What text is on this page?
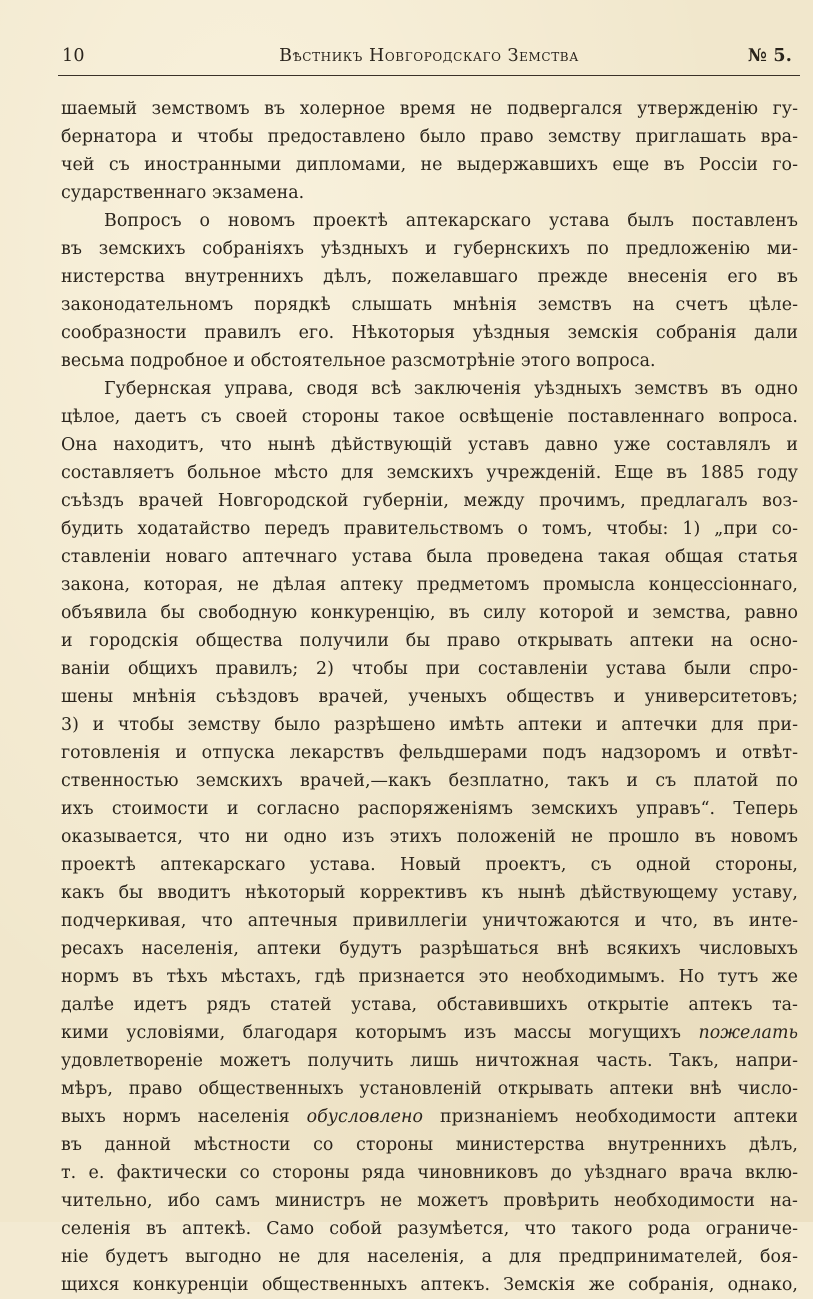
10	Вѣстникъ Новгородскаго Земства	№ 5.
шаемый земствомъ въ холерное время не подвергался утвержденію гу-
бернатора и чтобы предоставлено было право земству приглашать вра-
чей съ иностранными дипломами, не выдержавшихъ еще въ Россіи го-
сударственнаго экзамена.
Вопросъ о новомъ проектѣ аптекарскаго устава былъ поставленъ
въ земскихъ собраніяхъ уѣздныхъ и губернскихъ по предложенію ми-
нистерства внутреннихъ дѣлъ, пожелавшаго прежде внесенія его въ
законодательномъ порядкѣ слышать мнѣнія земствъ на счетъ цѣле-
сообразности правилъ его. Нѣкоторыя уѣздныя земскія собранія дали
весьма подробное и обстоятельное разсмотрѣніе этого вопроса.
Губернская управа, сводя всѣ заключенія уѣздныхъ земствъ въ одно
цѣлое, даетъ съ своей стороны такое освѣщеніе поставленнаго вопроса.
Она находитъ, что нынѣ дѣйствующій уставъ давно уже составлялъ и
составляетъ больное мѣсто для земскихъ учрежденій. Еще въ 1885 году
съѣздъ врачей Новгородской губерніи, между прочимъ, предлагалъ воз-
будить ходатайство передъ правительствомъ о томъ, чтобы: 1) „при со-
ставленіи новаго аптечнаго устава была проведена такая общая статья
закона, которая, не дѣлая аптеку предметомъ промысла концессіоннаго,
объявила бы свободную конкуренцію, въ силу которой и земства, равно
и городскія общества получили бы право открывать аптеки на осно-
ваніи общихъ правилъ; 2) чтобы при составленіи устава были спро-
шены мнѣнія съѣздовъ врачей, ученыхъ обществъ и университетовъ;
3) и чтобы земству было разрѣшено имѣть аптеки и аптечки для при-
готовленія и отпуска лекарствъ фельдшерами подъ надзоромъ и отвѣт-
ственностью земскихъ врачей,—какъ безплатно, такъ и съ платой по
ихъ стоимости и согласно распоряженіямъ земскихъ управъ“. Теперь
оказывается, что ни одно изъ этихъ положеній не прошло въ новомъ
проектѣ аптекарскаго устава. Новый проектъ, съ одной стороны,
какъ бы вводитъ нѣкоторый коррективъ къ нынѣ дѣйствующему уставу,
подчеркивая, что аптечныя привиллегіи уничтожаются и что, въ инте-
ресахъ населенія, аптеки будутъ разрѣшаться внѣ всякихъ числовыхъ
нормъ въ тѣхъ мѣстахъ, гдѣ признается это необходимымъ. Но тутъ же
далѣе идетъ рядъ статей устава, обставившихъ открытіе аптекъ та-
кими условіями, благодаря которымъ изъ массы могущихъ пожелать
удовлетвореніе можетъ получить лишь ничтожная часть. Такъ, напри-
мѣръ, право общественныхъ установленій открывать аптеки внѣ число-
выхъ нормъ населенія обусловлено признаніемъ необходимости аптеки
въ данной мѣстности со стороны министерства внутреннихъ дѣлъ,
т. е. фактически со стороны ряда чиновниковъ до уѣзднаго врача вклю-
чительно, ибо самъ министръ не можетъ провѣрить необходимости на-
селенія въ аптекѣ. Само собой разумѣется, что такого рода ограниче-
ніе будетъ выгодно не для населенія, а для предпринимателей, боя-
щихся конкуренціи общественныхъ аптекъ. Земскія же собранія, однако,
